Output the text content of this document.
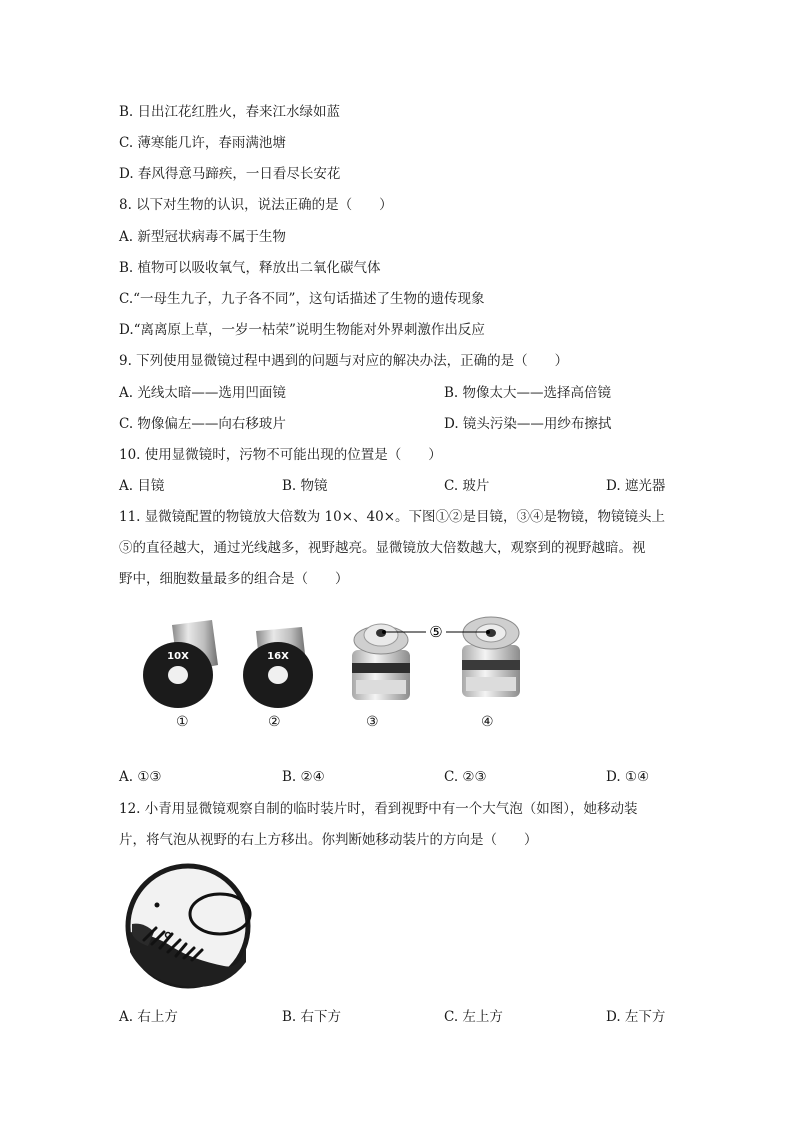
B. 日出江花红胜火，春来江水绿如蓝
C. 薄寒能几许，春雨满池塘
D. 春风得意马蹄疾，一日看尽长安花
8. 以下对生物的认识，说法正确的是（　　）
A. 新型冠状病毒不属于生物
B. 植物可以吸收氧气，释放出二氧化碳气体
C.“一母生九子，九子各不同”，这句话描述了生物的遗传现象
D.“离离原上草，一岁一枯荣”说明生物能对外界刺激作出反应
9. 下列使用显微镜过程中遇到的问题与对应的解决办法，正确的是（　　）
A. 光线太暗——选用凹面镜	B. 物像太大——选择高倍镜
C. 物像偏左——向右移玻片	D. 镜头污染——用纱布擦拭
10. 使用显微镜时，污物不可能出现的位置是（　　）
A. 目镜	B. 物镜	C. 玻片	D. 遮光器
11. 显微镜配置的物镜放大倍数为 10×、40×。下图①②是目镜，③④是物镜，物镜镜头上
⑤的直径越大，通过光线越多，视野越亮。显微镜放大倍数越大，观察到的视野越暗。视
野中，细胞数量最多的组合是（　　）
10X	16X
⑤
①	②	③	④
A. ①③	B. ②④	C. ②③	D. ①④
12. 小青用显微镜观察自制的临时装片时，看到视野中有一个大气泡（如图），她移动装
片，将气泡从视野的右上方移出。你判断她移动装片的方向是（　　）
A. 右上方	B. 右下方	C. 左上方	D. 左下方
